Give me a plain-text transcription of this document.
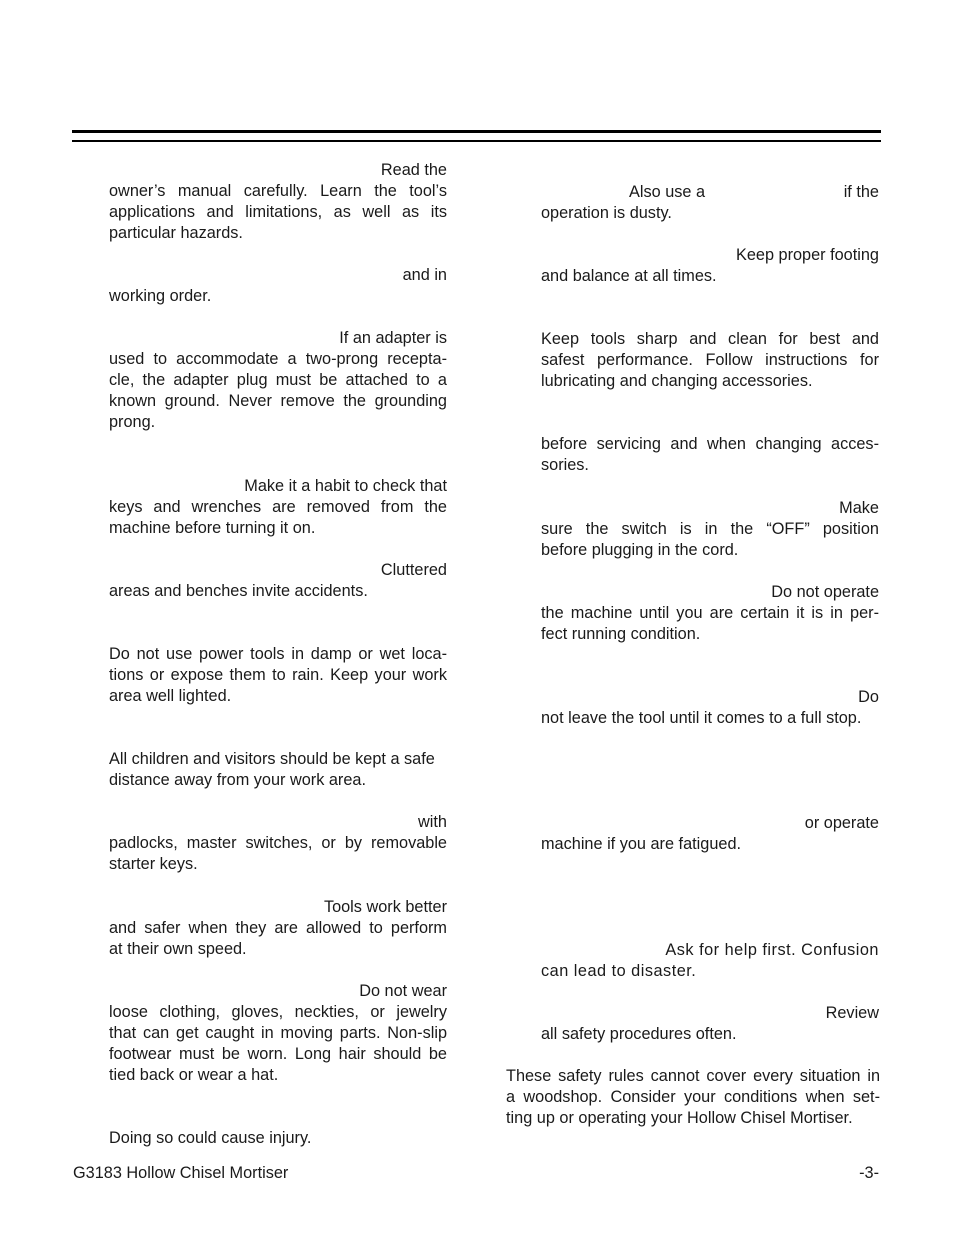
Read the
owner’s manual carefully. Learn the tool’s
applications and limitations, as well as its
particular hazards.

and in
working order.

If an adapter is
used to accommodate a two-prong recepta-
cle, the adapter plug must be attached to a
known ground. Never remove the grounding
prong.

Make it a habit to check that
keys and wrenches are removed from the
machine before turning it on.

Cluttered
areas and benches invite accidents.

Do not use power tools in damp or wet loca-
tions or expose them to rain. Keep your work
area well lighted.

All children and visitors should be kept a safe
distance away from your work area.

with
padlocks, master switches, or by removable
starter keys.

Tools work better
and safer when they are allowed to perform
at their own speed.

Do not wear
loose clothing, gloves, neckties, or jewelry
that can get caught in moving parts. Non-slip
footwear must be worn. Long hair should be
tied back or wear a hat.

Doing so could cause injury.

Also use a	if the
operation is dusty.

Keep proper footing
and balance at all times.

Keep tools sharp and clean for best and
safest performance. Follow instructions for
lubricating and changing accessories.

before servicing and when changing acces-
sories.

Make
sure the switch is in the “OFF” position
before plugging in the cord.

Do not operate
the machine until you are certain it is in per-
fect running condition.

Do
not leave the tool until it comes to a full stop.

or operate
machine if you are fatigued.

Ask for help first. Confusion
can lead to disaster.

Review
all safety procedures often.

These safety rules cannot cover every situation in
a woodshop. Consider your conditions when set-
ting up or operating your Hollow Chisel Mortiser.

G3183 Hollow Chisel Mortiser	-3-
